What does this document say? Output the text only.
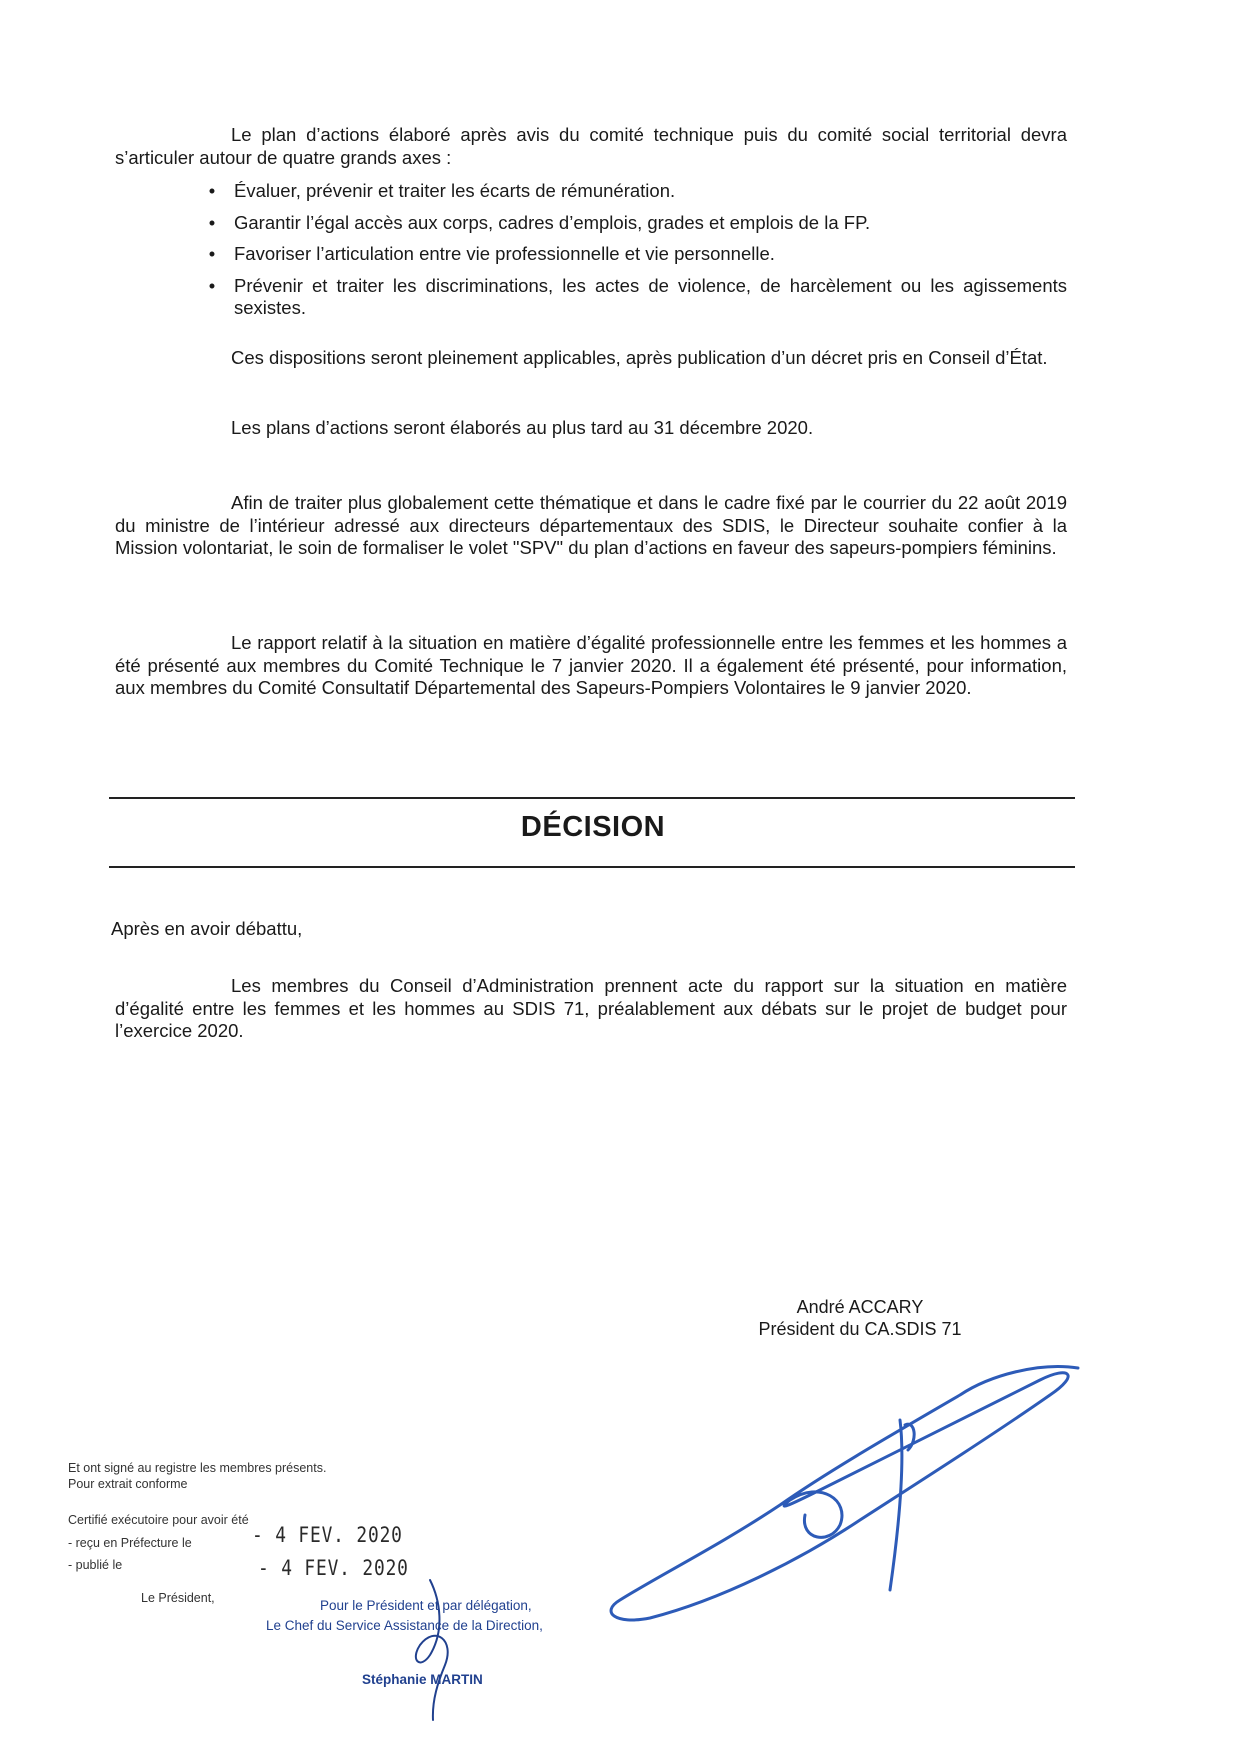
Le plan d’actions élaboré après avis du comité technique puis du comité social territorial devra s’articuler autour de quatre grands axes :

• Évaluer, prévenir et traiter les écarts de rémunération.
• Garantir l’égal accès aux corps, cadres d’emplois, grades et emplois de la FP.
• Favoriser l’articulation entre vie professionnelle et vie personnelle.
• Prévenir et traiter les discriminations, les actes de violence, de harcèlement ou les agissements sexistes.

Ces dispositions seront pleinement applicables, après publication d’un décret pris en Conseil d’État.

Les plans d’actions seront élaborés au plus tard au 31 décembre 2020.

Afin de traiter plus globalement cette thématique et dans le cadre fixé par le courrier du 22 août 2019 du ministre de l’intérieur adressé aux directeurs départementaux des SDIS, le Directeur souhaite confier à la Mission volontariat, le soin de formaliser le volet "SPV" du plan d’actions en faveur des sapeurs-pompiers féminins.

Le rapport relatif à la situation en matière d’égalité professionnelle entre les femmes et les hommes a été présenté aux membres du Comité Technique le 7 janvier 2020. Il a également été présenté, pour information, aux membres du Comité Consultatif Départemental des Sapeurs-Pompiers Volontaires le 9 janvier 2020.

DÉCISION

Après en avoir débattu,

Les membres du Conseil d’Administration prennent acte du rapport sur la situation en matière d’égalité entre les femmes et les hommes au SDIS 71, préalablement aux débats sur le projet de budget pour l’exercice 2020.

André ACCARY
Président du CA.SDIS 71
Et ont signé au registre les membres présents.
Pour extrait conforme
Certifié exécutoire pour avoir été
- reçu en Préfecture le
- publié le
Le Président,
- 4 FEV. 2020
- 4 FEV. 2020
Pour le Président et par délégation,
Le Chef du Service Assistance de la Direction,
Stéphanie MARTIN
